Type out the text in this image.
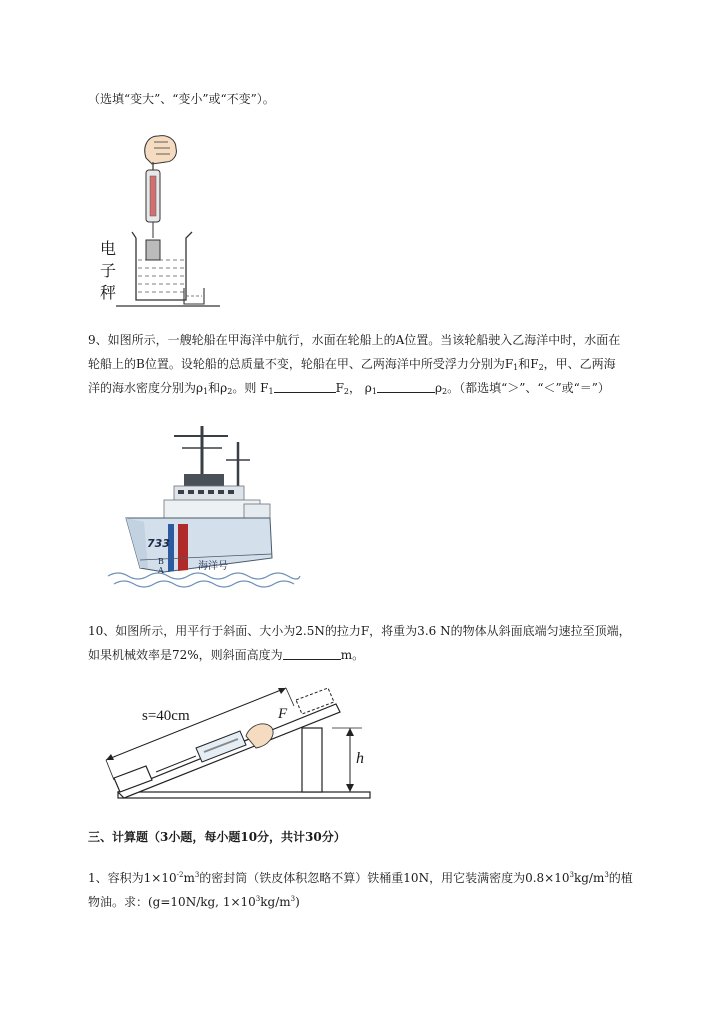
（选填“变大”、“变小”或“不变”）。
电
子
秤
9、如图所示，一艘轮船在甲海洋中航行，水面在轮船上的A位置。当该轮船驶入乙海洋中时，水面在
轮船上的B位置。设轮船的总质量不变，轮船在甲、乙两海洋中所受浮力分别为$F_1$和$F_2$，甲、乙两海
洋的海水密度分别为$\rho_1$和$\rho_2$。则 $F_1$	$F_2$， $\rho_1$	$\rho_2$。（都选填“＞”、“＜”或“＝”）
733
海洋号
B
A
10、如图所示，用平行于斜面、大小为2.5N的拉力F，将重为3.6 N的物体从斜面底端匀速拉至顶端，
如果机械效率是72%，则斜面高度为	m。
s=40cm	F
h
三、计算题（3小题，每小题10分，共计30分）
1、容积为$1\times 10^{-2}m^3$的密封筒（铁皮体积忽略不算）铁桶重10N，用它装满密度为$0.8\times 10^3kg/m^3$的植
物油。求：(g=10N/kg, $1\times 10^3kg/m^3$)
